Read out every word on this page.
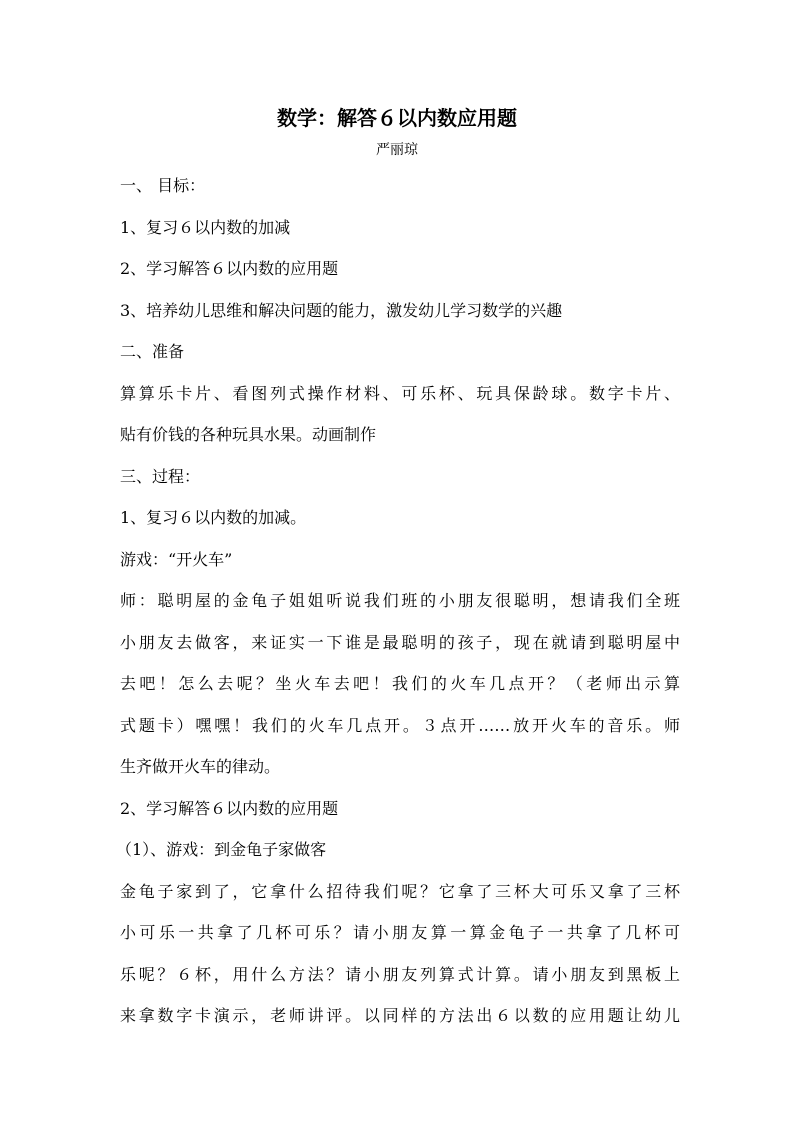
数学：解答６以内数应用题
严丽琼
一、 目标：
1、复习６以内数的加减
2、学习解答６以内数的应用题
3、培养幼儿思维和解决问题的能力，激发幼儿学习数学的兴趣
二、准备
算算乐卡片、看图列式操作材料、可乐杯、玩具保龄球。数字卡片、
贴有价钱的各种玩具水果。动画制作
三、过程：
1、复习６以内数的加减。
游戏：“开火车”
师：聪明屋的金龟子姐姐听说我们班的小朋友很聪明，想请我们全班
小朋友去做客，来证实一下谁是最聪明的孩子，现在就请到聪明屋中
去吧！怎么去呢？坐火车去吧！我们的火车几点开？（老师出示算
式题卡）嘿嘿！我们的火车几点开。３点开……放开火车的音乐。师
生齐做开火车的律动。
2、学习解答６以内数的应用题
（1）、游戏：到金龟子家做客
金龟子家到了，它拿什么招待我们呢？它拿了三杯大可乐又拿了三杯
小可乐一共拿了几杯可乐？请小朋友算一算金龟子一共拿了几杯可
乐呢？６杯，用什么方法？请小朋友列算式计算。请小朋友到黑板上
来拿数字卡演示，老师讲评。以同样的方法出６以数的应用题让幼儿
